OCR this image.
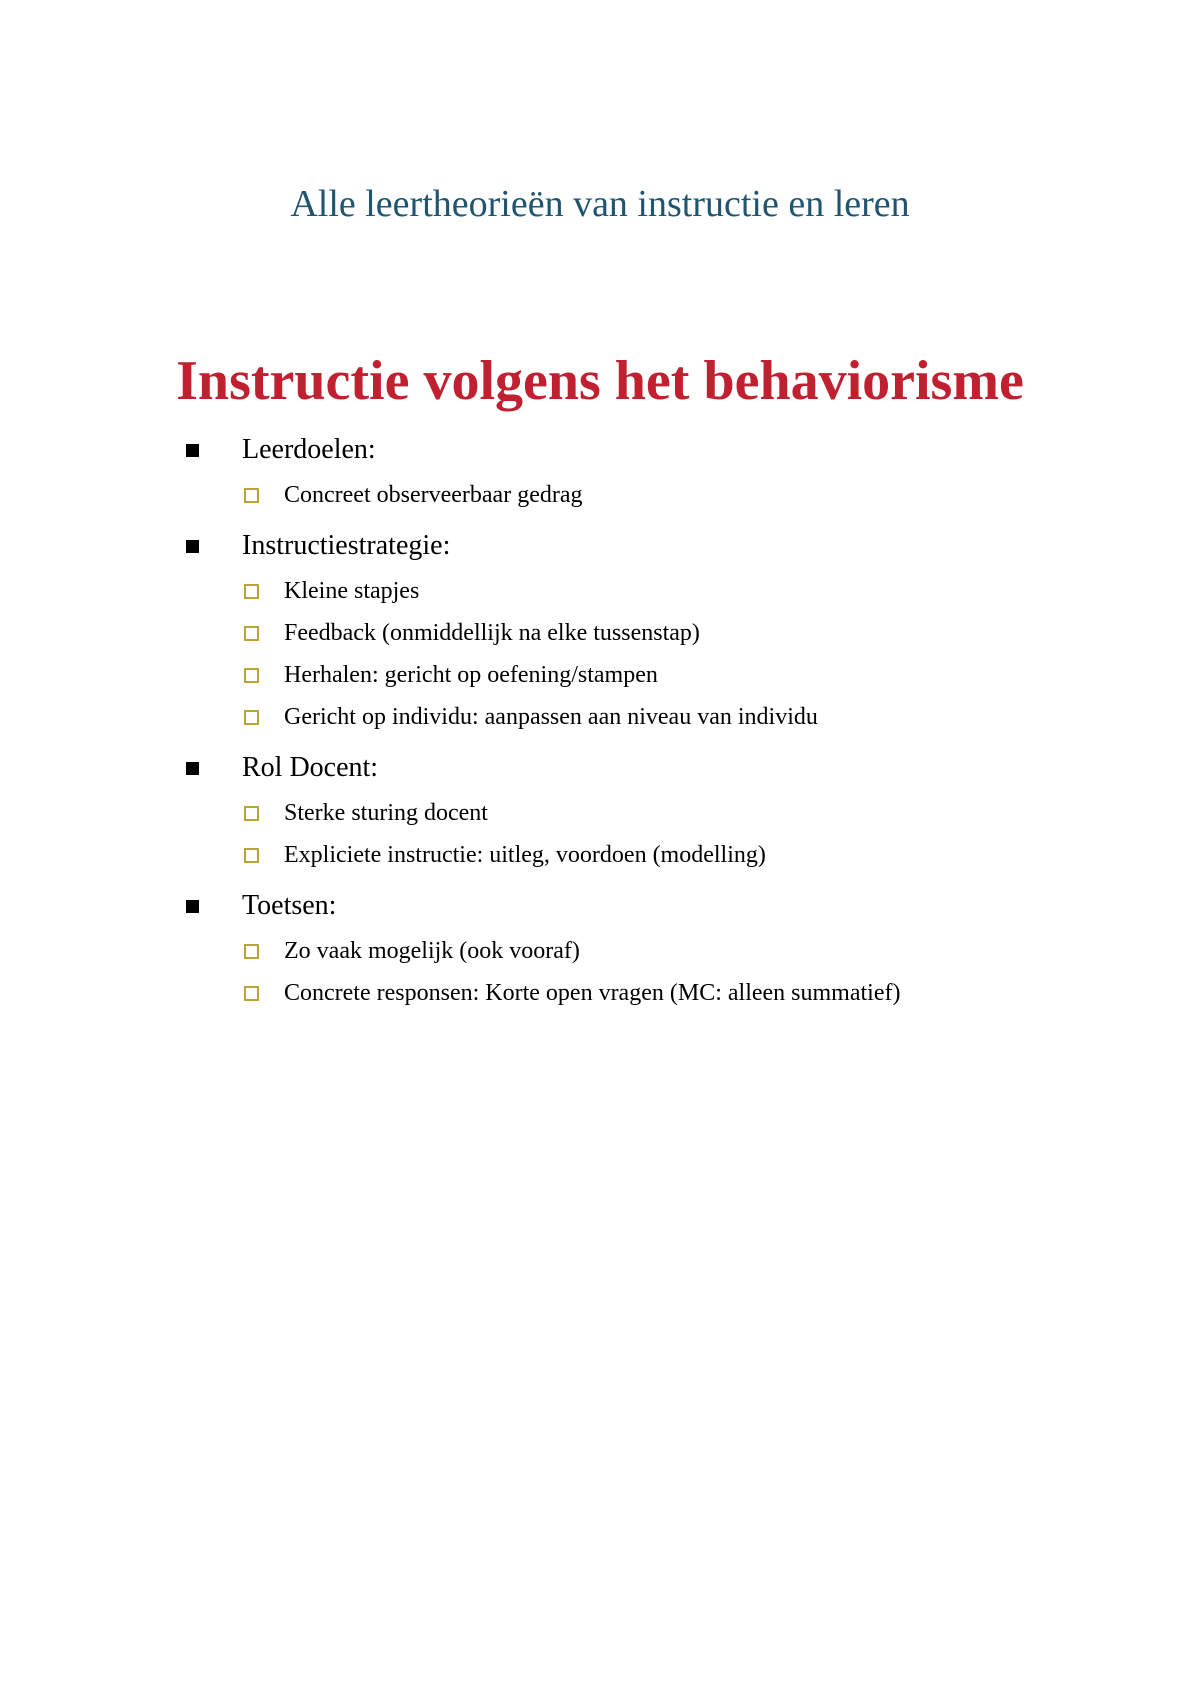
Alle leertheorieën van instructie en leren
Instructie volgens het behaviorisme
Leerdoelen:
Concreet observeerbaar gedrag
Instructiestrategie:
Kleine stapjes
Feedback (onmiddellijk na elke tussenstap)
Herhalen: gericht op oefening/stampen
Gericht op individu: aanpassen aan niveau van individu
Rol Docent:
Sterke sturing docent
Expliciete instructie: uitleg, voordoen (modelling)
Toetsen:
Zo vaak mogelijk (ook vooraf)
Concrete responsen: Korte open vragen (MC: alleen summatief)
